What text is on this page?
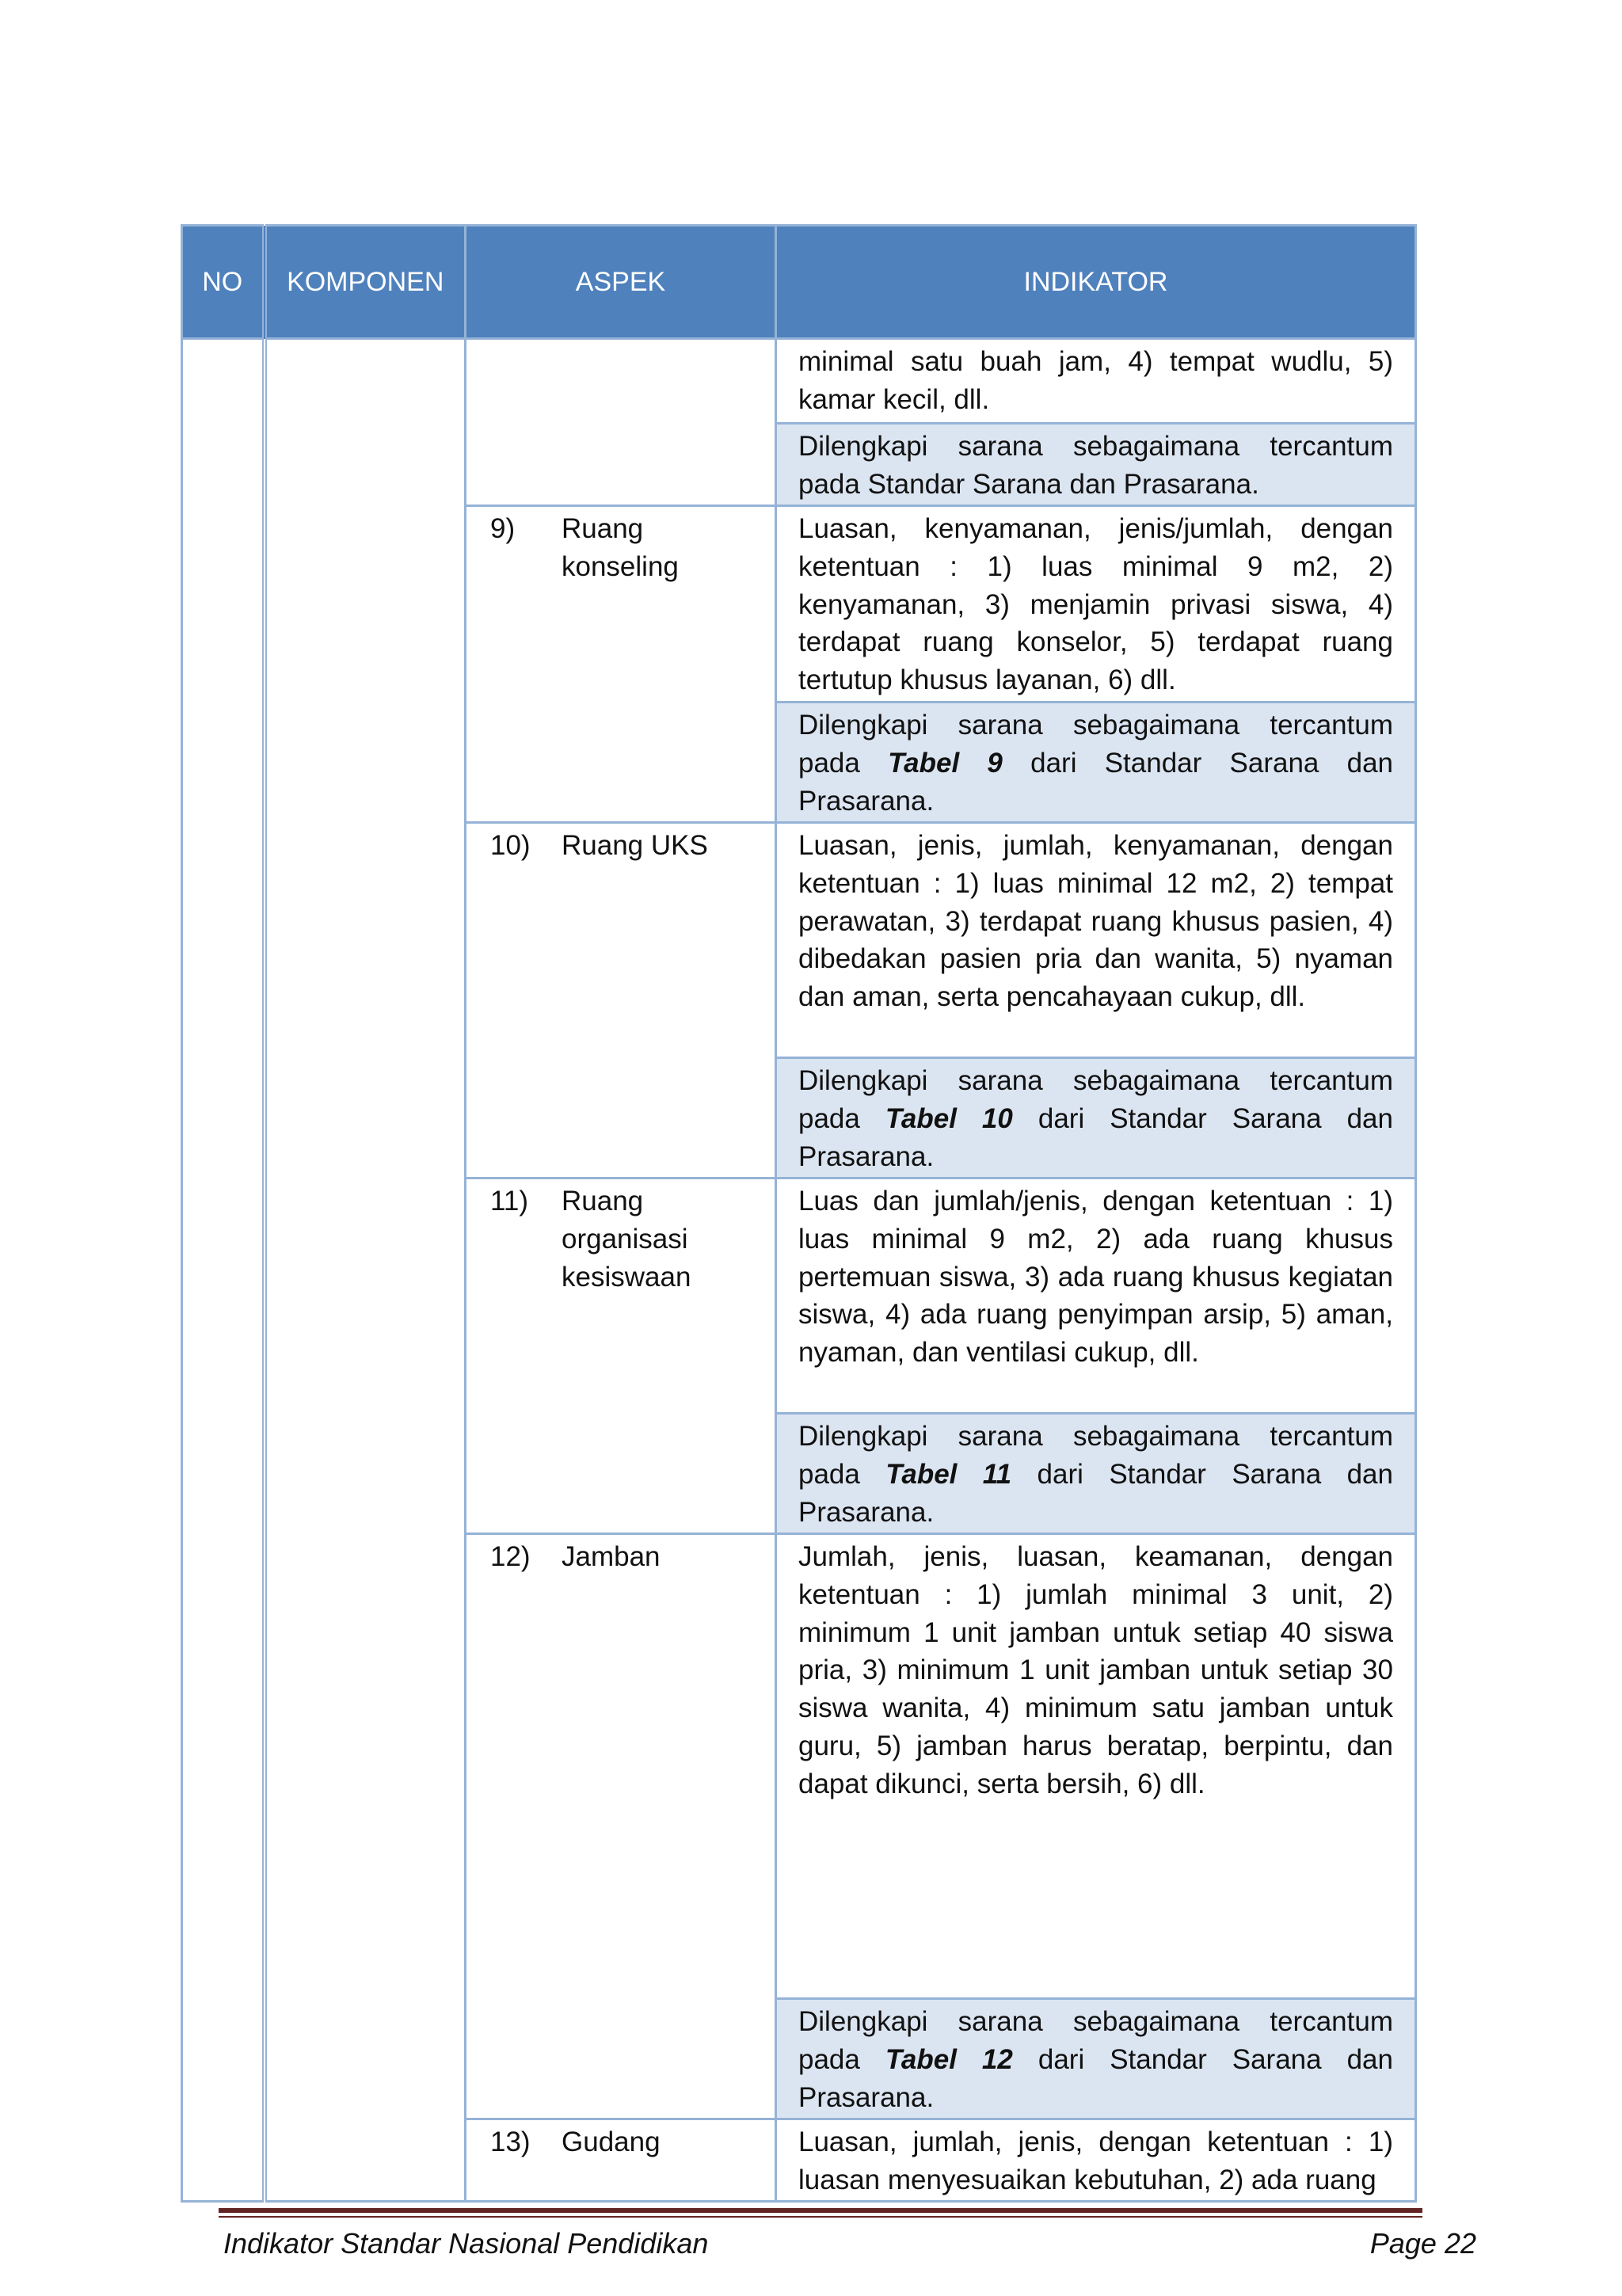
NO	KOMPONEN	ASPEK	INDIKATOR

			minimal satu buah jam, 4) tempat wudlu, 5) kamar kecil, dll.

			Dilengkapi sarana sebagaimana tercantum pada Standar Sarana dan Prasarana.

		9) Ruang konseling	Luasan, kenyamanan, jenis/jumlah, dengan ketentuan : 1) luas minimal 9 m2, 2) kenyamanan, 3) menjamin privasi siswa, 4) terdapat ruang konselor, 5) terdapat ruang tertutup khusus layanan, 6) dll.

			Dilengkapi sarana sebagaimana tercantum pada Tabel 9 dari Standar Sarana dan Prasarana.

		10) Ruang UKS	Luasan, jenis, jumlah, kenyamanan, dengan ketentuan : 1) luas minimal 12 m2, 2) tempat perawatan, 3) terdapat ruang khusus pasien, 4) dibedakan pasien pria dan wanita, 5) nyaman dan aman, serta pencahayaan cukup, dll.

			Dilengkapi sarana sebagaimana tercantum pada Tabel 10 dari Standar Sarana dan Prasarana.

		11) Ruang organisasi kesiswaan	Luas dan jumlah/jenis, dengan ketentuan : 1) luas minimal 9 m2, 2) ada ruang khusus pertemuan siswa, 3) ada ruang khusus kegiatan siswa, 4) ada ruang penyimpan arsip, 5) aman, nyaman, dan ventilasi cukup, dll.

			Dilengkapi sarana sebagaimana tercantum pada Tabel 11 dari Standar Sarana dan Prasarana.

		12) Jamban	Jumlah, jenis, luasan, keamanan, dengan ketentuan : 1) jumlah minimal 3 unit, 2) minimum 1 unit jamban untuk setiap 40 siswa pria, 3) minimum 1 unit jamban untuk setiap 30 siswa wanita, 4) minimum satu jamban untuk guru, 5) jamban harus beratap, berpintu, dan dapat dikunci, serta bersih, 6) dll.

			Dilengkapi sarana sebagaimana tercantum pada Tabel 12 dari Standar Sarana dan Prasarana.

		13) Gudang	Luasan, jumlah, jenis, dengan ketentuan : 1) luasan menyesuaikan kebutuhan, 2) ada ruang
Indikator Standar Nasional Pendidikan	Page 22
